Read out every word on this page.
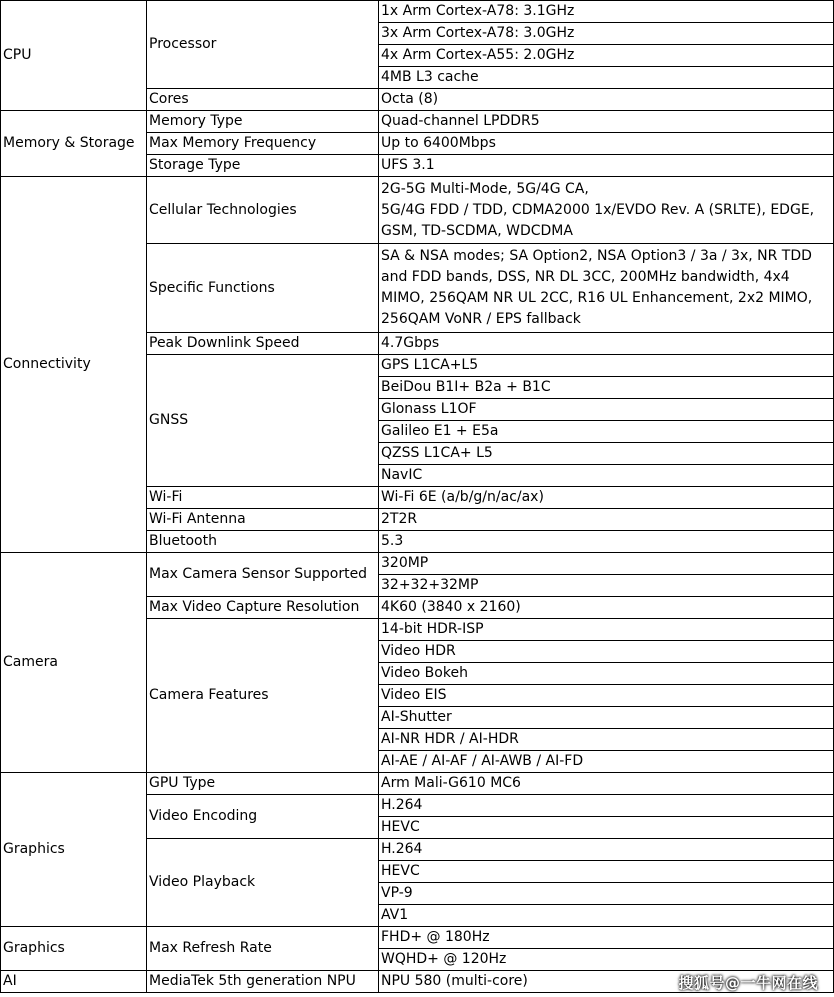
CPU	Processor	1x Arm Cortex-A78: 3.1GHz
		3x Arm Cortex-A78: 3.0GHz
		4x Arm Cortex-A55: 2.0GHz
		4MB L3 cache
	Cores	Octa (8)
Memory & Storage	Memory Type	Quad-channel LPDDR5
	Max Memory Frequency	Up to 6400Mbps
	Storage Type	UFS 3.1
Connectivity	Cellular Technologies	2G-5G Multi-Mode, 5G/4G CA,
5G/4G FDD / TDD, CDMA2000 1x/EVDO Rev. A (SRLTE), EDGE, GSM, TD-SCDMA, WDCDMA
	Specific Functions	SA & NSA modes; SA Option2, NSA Option3 / 3a / 3x, NR TDD and FDD bands, DSS, NR DL 3CC, 200MHz bandwidth, 4x4 MIMO, 256QAM NR UL 2CC, R16 UL Enhancement, 2x2 MIMO, 256QAM VoNR / EPS fallback
	Peak Downlink Speed	4.7Gbps
	GNSS	GPS L1CA+L5
		BeiDou B1I+ B2a + B1C
		Glonass L1OF
		Galileo E1 + E5a
		QZSS L1CA+ L5
		NavIC
	Wi-Fi	Wi-Fi 6E (a/b/g/n/ac/ax)
	Wi-Fi Antenna	2T2R
	Bluetooth	5.3
Camera	Max Camera Sensor Supported	320MP
		32+32+32MP
	Max Video Capture Resolution	4K60 (3840 x 2160)
	Camera Features	14-bit HDR-ISP
		Video HDR
		Video Bokeh
		Video EIS
		AI-Shutter
		AI-NR HDR / AI-HDR
		AI-AE / AI-AF / AI-AWB / AI-FD
Graphics	GPU Type	Arm Mali-G610 MC6
	Video Encoding	H.264
		HEVC
	Video Playback	H.264
		HEVC
		VP-9
		AV1
Graphics	Max Refresh Rate	FHD+ @ 180Hz
		WQHD+ @ 120Hz
AI	MediaTek 5th generation NPU	NPU 580 (multi-core)	搜狐号@一牛网在线
